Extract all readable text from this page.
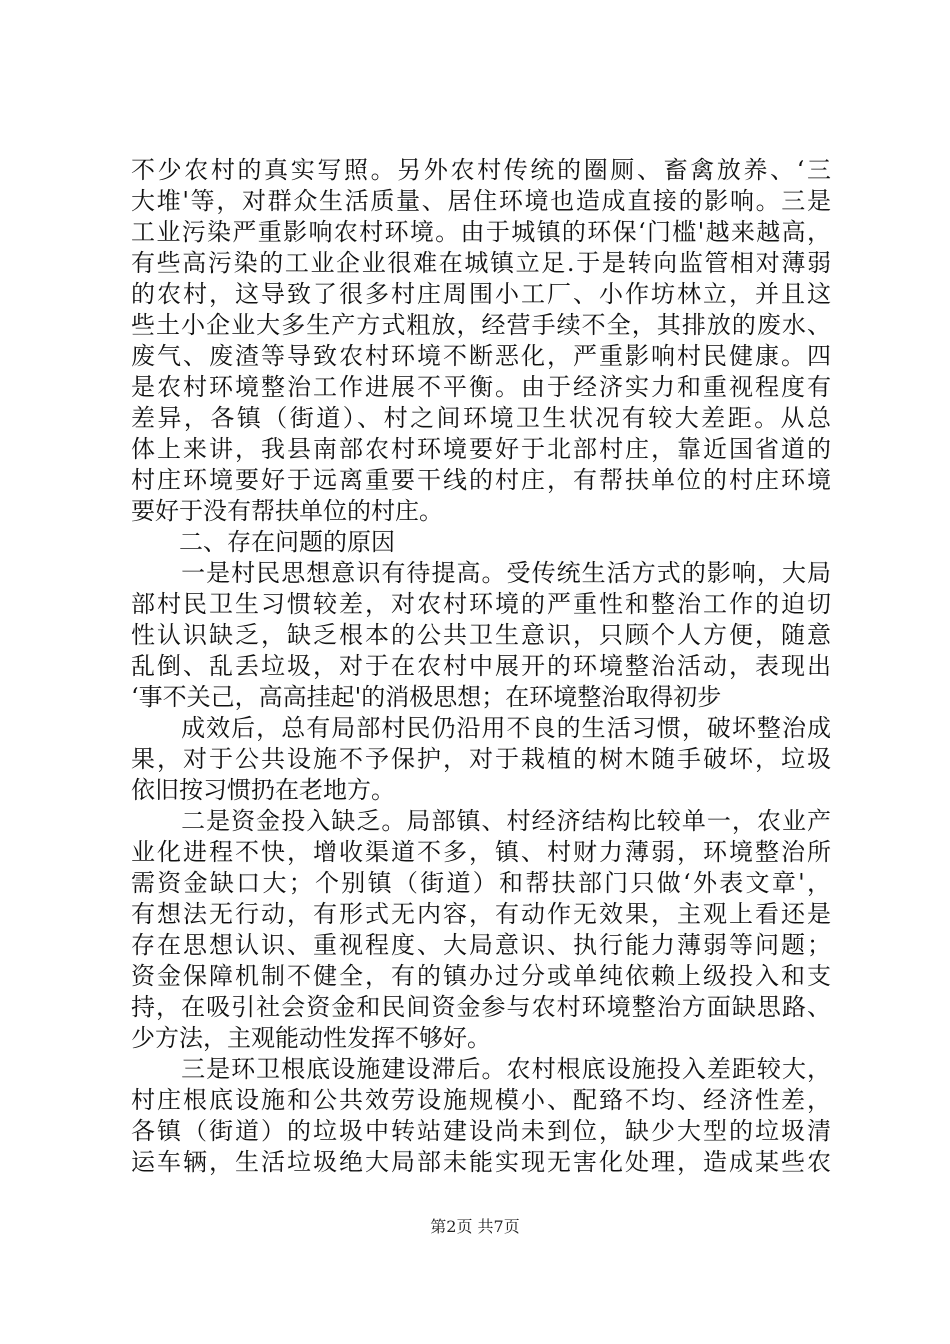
不少农村的真实写照。另外农村传统的圈厕、畜禽放养、‘三
大堆'等，对群众生活质量、居住环境也造成直接的影响。三是
工业污染严重影响农村环境。由于城镇的环保‘门槛'越来越高，
有些高污染的工业企业很难在城镇立足.于是转向监管相对薄弱
的农村，这导致了很多村庄周围小工厂、小作坊林立，并且这
些土小企业大多生产方式粗放，经营手续不全，其排放的废水、
废气、废渣等导致农村环境不断恶化，严重影响村民健康。四
是农村环境整治工作进展不平衡。由于经济实力和重视程度有
差异，各镇（街道）、村之间环境卫生状况有较大差距。从总
体上来讲，我县南部农村环境要好于北部村庄，靠近国省道的
村庄环境要好于远离重要干线的村庄，有帮扶单位的村庄环境
要好于没有帮扶单位的村庄。
　　二、存在问题的原因
　　一是村民思想意识有待提高。受传统生活方式的影响，大局
部村民卫生习惯较差，对农村环境的严重性和整治工作的迫切
性认识缺乏，缺乏根本的公共卫生意识，只顾个人方便，随意
乱倒、乱丢垃圾，对于在农村中展开的环境整治活动，表现出
‘事不关己，高高挂起'的消极思想；在环境整治取得初步
　　成效后，总有局部村民仍沿用不良的生活习惯，破坏整治成
果，对于公共设施不予保护，对于栽植的树木随手破坏，垃圾
依旧按习惯扔在老地方。
　　二是资金投入缺乏。局部镇、村经济结构比较单一，农业产
业化进程不快，增收渠道不多，镇、村财力薄弱，环境整治所
需资金缺口大；个别镇（街道）和帮扶部门只做‘外表文章'，
有想法无行动，有形式无内容，有动作无效果，主观上看还是
存在思想认识、重视程度、大局意识、执行能力薄弱等问题；
资金保障机制不健全，有的镇办过分或单纯依赖上级投入和支
持，在吸引社会资金和民间资金参与农村环境整治方面缺思路、
少方法，主观能动性发挥不够好。
　　三是环卫根底设施建设滞后。农村根底设施投入差距较大，
村庄根底设施和公共效劳设施规模小、配臵不均、经济性差，
各镇（街道）的垃圾中转站建设尚未到位，缺少大型的垃圾清
运车辆，生活垃圾绝大局部未能实现无害化处理，造成某些农
第2页 共7页
